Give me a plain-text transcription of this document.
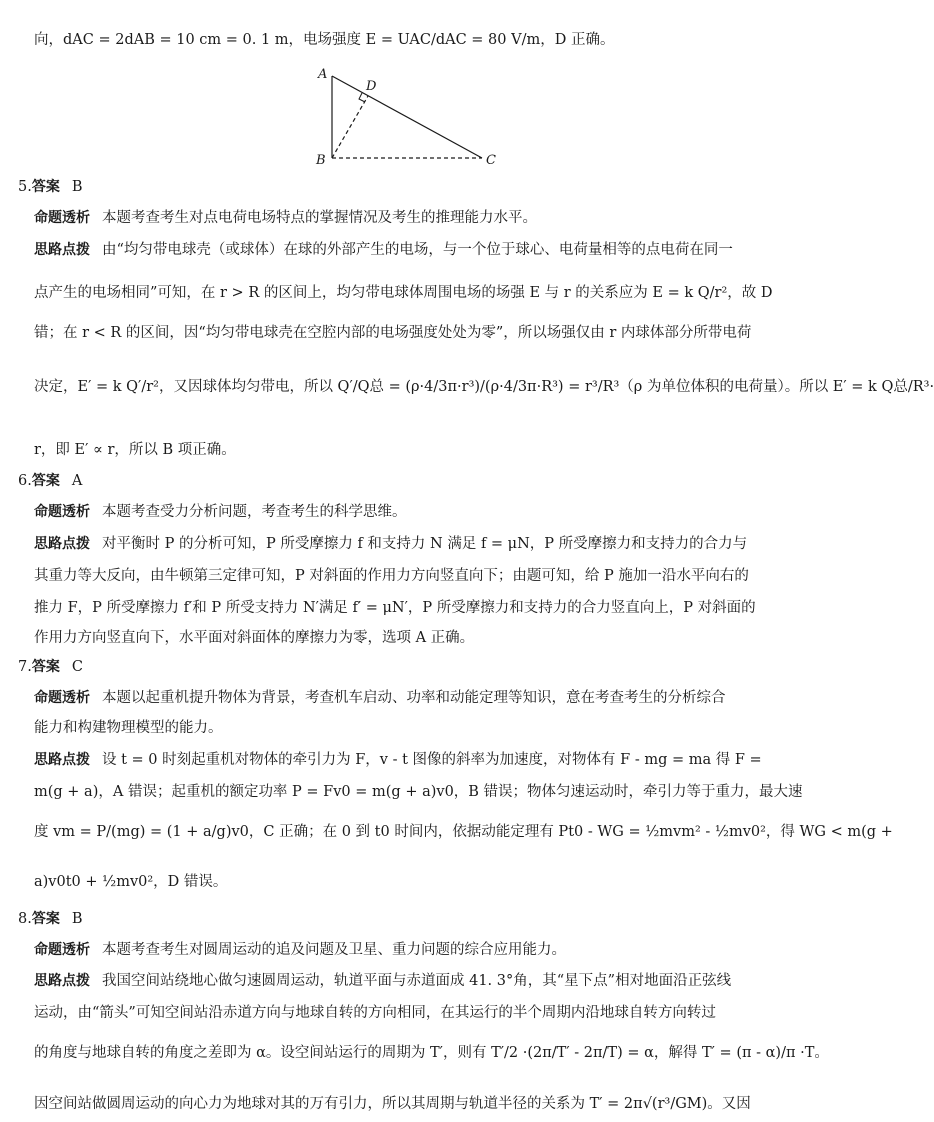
向，dAC = 2dAB = 10 cm = 0. 1 m，电场强度 E = UAC/dAC = 80 V/m，D 正确。
A
D
B	C
5.答案 B
命题透析 本题考查考生对点电荷电场特点的掌握情况及考生的推理能力水平。
思路点拨 由“均匀带电球壳（或球体）在球的外部产生的电场，与一个位于球心、电荷量相等的点电荷在同一
点产生的电场相同”可知，在 r > R 的区间上，均匀带电球体周围电场的场强 E 与 r 的关系应为 E = k Q/r²，故 D
错；在 r < R 的区间，因“均匀带电球壳在空腔内部的电场强度处处为零”，所以场强仅由 r 内球体部分所带电荷
决定，E′ = k Q′/r²，又因球体均匀带电，所以 Q′/Q总 = (ρ·4/3π·r³)/(ρ·4/3π·R³) = r³/R³（ρ 为单位体积的电荷量）。所以 E′ = k Q总/R³·
r，即 E′ ∝ r，所以 B 项正确。
6.答案 A
命题透析 本题考查受力分析问题，考查考生的科学思维。
思路点拨 对平衡时 P 的分析可知，P 所受摩擦力 f 和支持力 N 满足 f = μN，P 所受摩擦力和支持力的合力与
其重力等大反向，由牛顿第三定律可知，P 对斜面的作用力方向竖直向下；由题可知，给 P 施加一沿水平向右的
推力 F，P 所受摩擦力 f′和 P 所受支持力 N′满足 f′ = μN′，P 所受摩擦力和支持力的合力竖直向上，P 对斜面的
作用力方向竖直向下，水平面对斜面体的摩擦力为零，选项 A 正确。
7.答案 C
命题透析 本题以起重机提升物体为背景，考查机车启动、功率和动能定理等知识，意在考查考生的分析综合
能力和构建物理模型的能力。
思路点拨 设 t = 0 时刻起重机对物体的牵引力为 F，v - t 图像的斜率为加速度，对物体有 F - mg = ma 得 F =
m(g + a)，A 错误；起重机的额定功率 P = Fv0 = m(g + a)v0，B 错误；物体匀速运动时，牵引力等于重力，最大速
度 vm = P/(mg) = (1 + a/g)v0，C 正确；在 0 到 t0 时间内，依据动能定理有 Pt0 - WG = ½mvm² - ½mv0²，得 WG < m(g +
a)v0t0 + ½mv0²，D 错误。
8.答案 B
命题透析 本题考查考生对圆周运动的追及问题及卫星、重力问题的综合应用能力。
思路点拨 我国空间站绕地心做匀速圆周运动，轨道平面与赤道面成 41. 3°角，其“星下点”相对地面沿正弦线
运动，由“箭头”可知空间站沿赤道方向与地球自转的方向相同，在其运行的半个周期内沿地球自转方向转过
的角度与地球自转的角度之差即为 α。设空间站运行的周期为 T′，则有 T′/2 ·(2π/T′ - 2π/T) = α，解得 T′ = (π - α)/π ·T。
因空间站做圆周运动的向心力为地球对其的万有引力，所以其周期与轨道半径的关系为 T′ = 2π√(r³/GM)。又因
